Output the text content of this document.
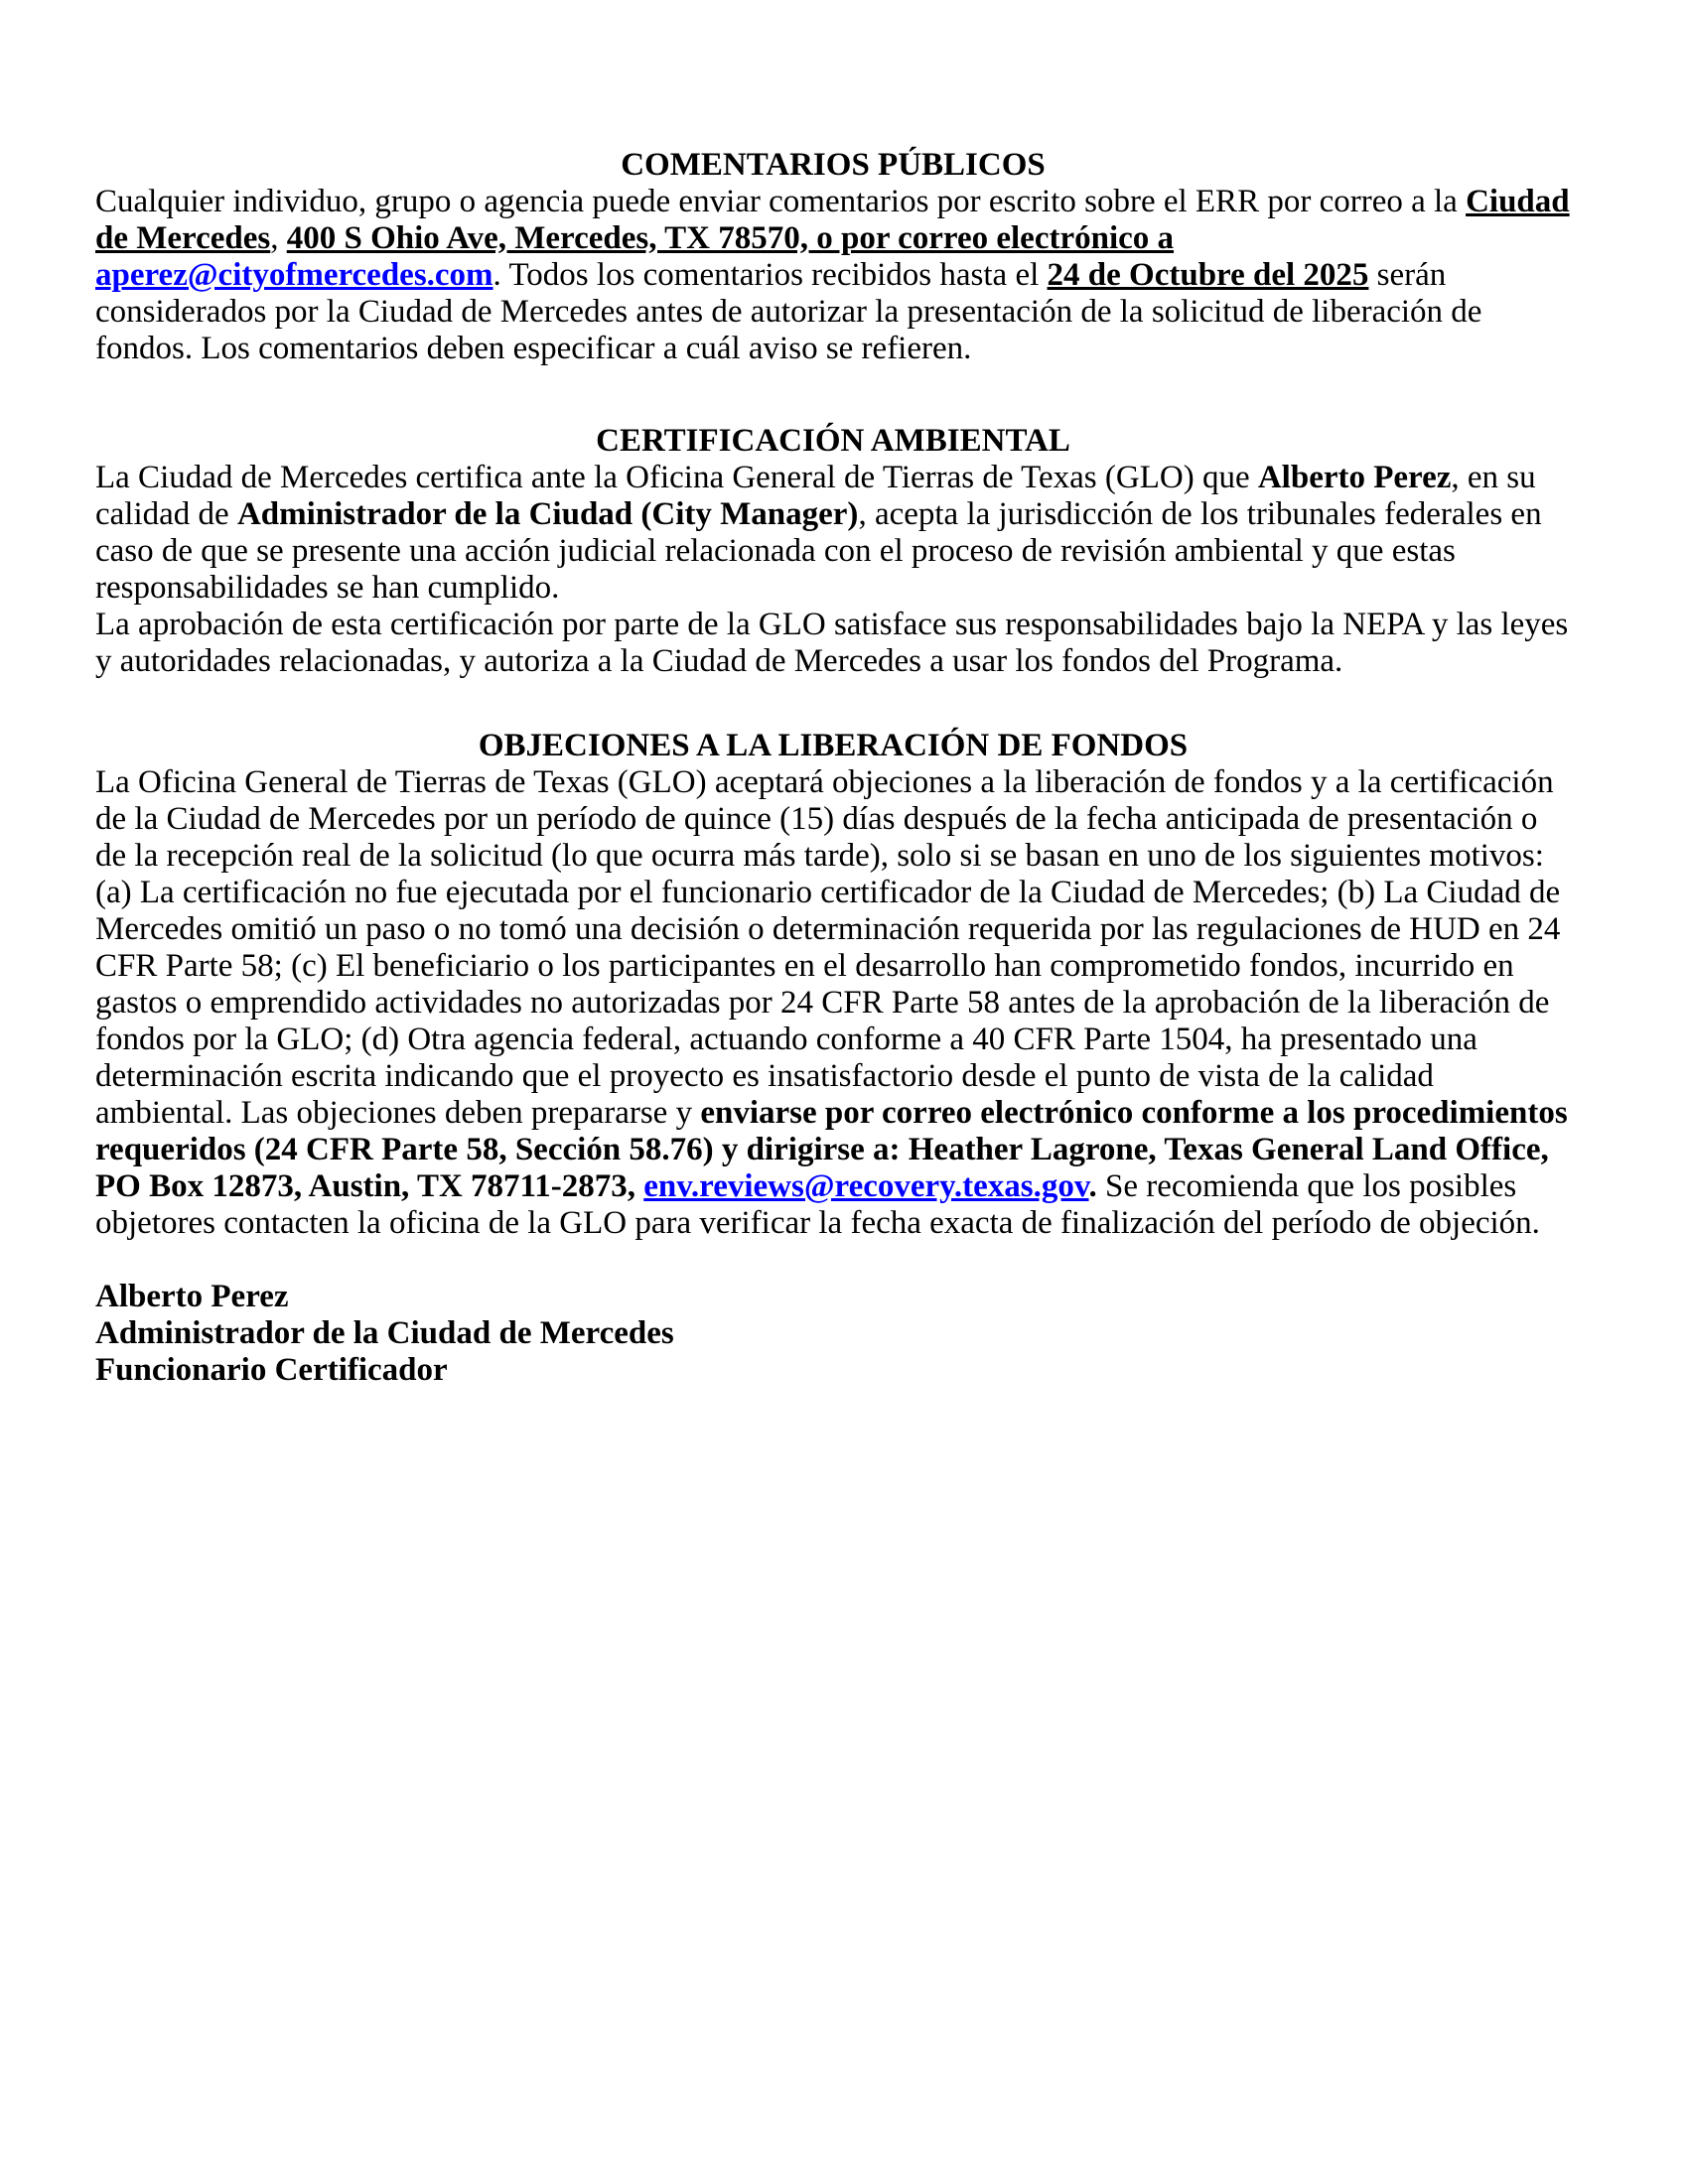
COMENTARIOS PÚBLICOS

Cualquier individuo, grupo o agencia puede enviar comentarios por escrito sobre el ERR por correo a la Ciudad de Mercedes, 400 S Ohio Ave, Mercedes, TX 78570, o por correo electrónico a aperez@cityofmercedes.com. Todos los comentarios recibidos hasta el 24 de Octubre del 2025 serán considerados por la Ciudad de Mercedes antes de autorizar la presentación de la solicitud de liberación de fondos. Los comentarios deben especificar a cuál aviso se refieren.

CERTIFICACIÓN AMBIENTAL

La Ciudad de Mercedes certifica ante la Oficina General de Tierras de Texas (GLO) que Alberto Perez, en su calidad de Administrador de la Ciudad (City Manager), acepta la jurisdicción de los tribunales federales en caso de que se presente una acción judicial relacionada con el proceso de revisión ambiental y que estas responsabilidades se han cumplido.

La aprobación de esta certificación por parte de la GLO satisface sus responsabilidades bajo la NEPA y las leyes y autoridades relacionadas, y autoriza a la Ciudad de Mercedes a usar los fondos del Programa.

OBJECIONES A LA LIBERACIÓN DE FONDOS

La Oficina General de Tierras de Texas (GLO) aceptará objeciones a la liberación de fondos y a la certificación de la Ciudad de Mercedes por un período de quince (15) días después de la fecha anticipada de presentación o de la recepción real de la solicitud (lo que ocurra más tarde), solo si se basan en uno de los siguientes motivos: (a) La certificación no fue ejecutada por el funcionario certificador de la Ciudad de Mercedes; (b) La Ciudad de Mercedes omitió un paso o no tomó una decisión o determinación requerida por las regulaciones de HUD en 24 CFR Parte 58; (c) El beneficiario o los participantes en el desarrollo han comprometido fondos, incurrido en gastos o emprendido actividades no autorizadas por 24 CFR Parte 58 antes de la aprobación de la liberación de fondos por la GLO; (d) Otra agencia federal, actuando conforme a 40 CFR Parte 1504, ha presentado una determinación escrita indicando que el proyecto es insatisfactorio desde el punto de vista de la calidad ambiental. Las objeciones deben prepararse y enviarse por correo electrónico conforme a los procedimientos requeridos (24 CFR Parte 58, Sección 58.76) y dirigirse a: Heather Lagrone, Texas General Land Office, PO Box 12873, Austin, TX 78711-2873, env.reviews@recovery.texas.gov. Se recomienda que los posibles objetores contacten la oficina de la GLO para verificar la fecha exacta de finalización del período de objeción.

Alberto Perez
Administrador de la Ciudad de Mercedes
Funcionario Certificador
